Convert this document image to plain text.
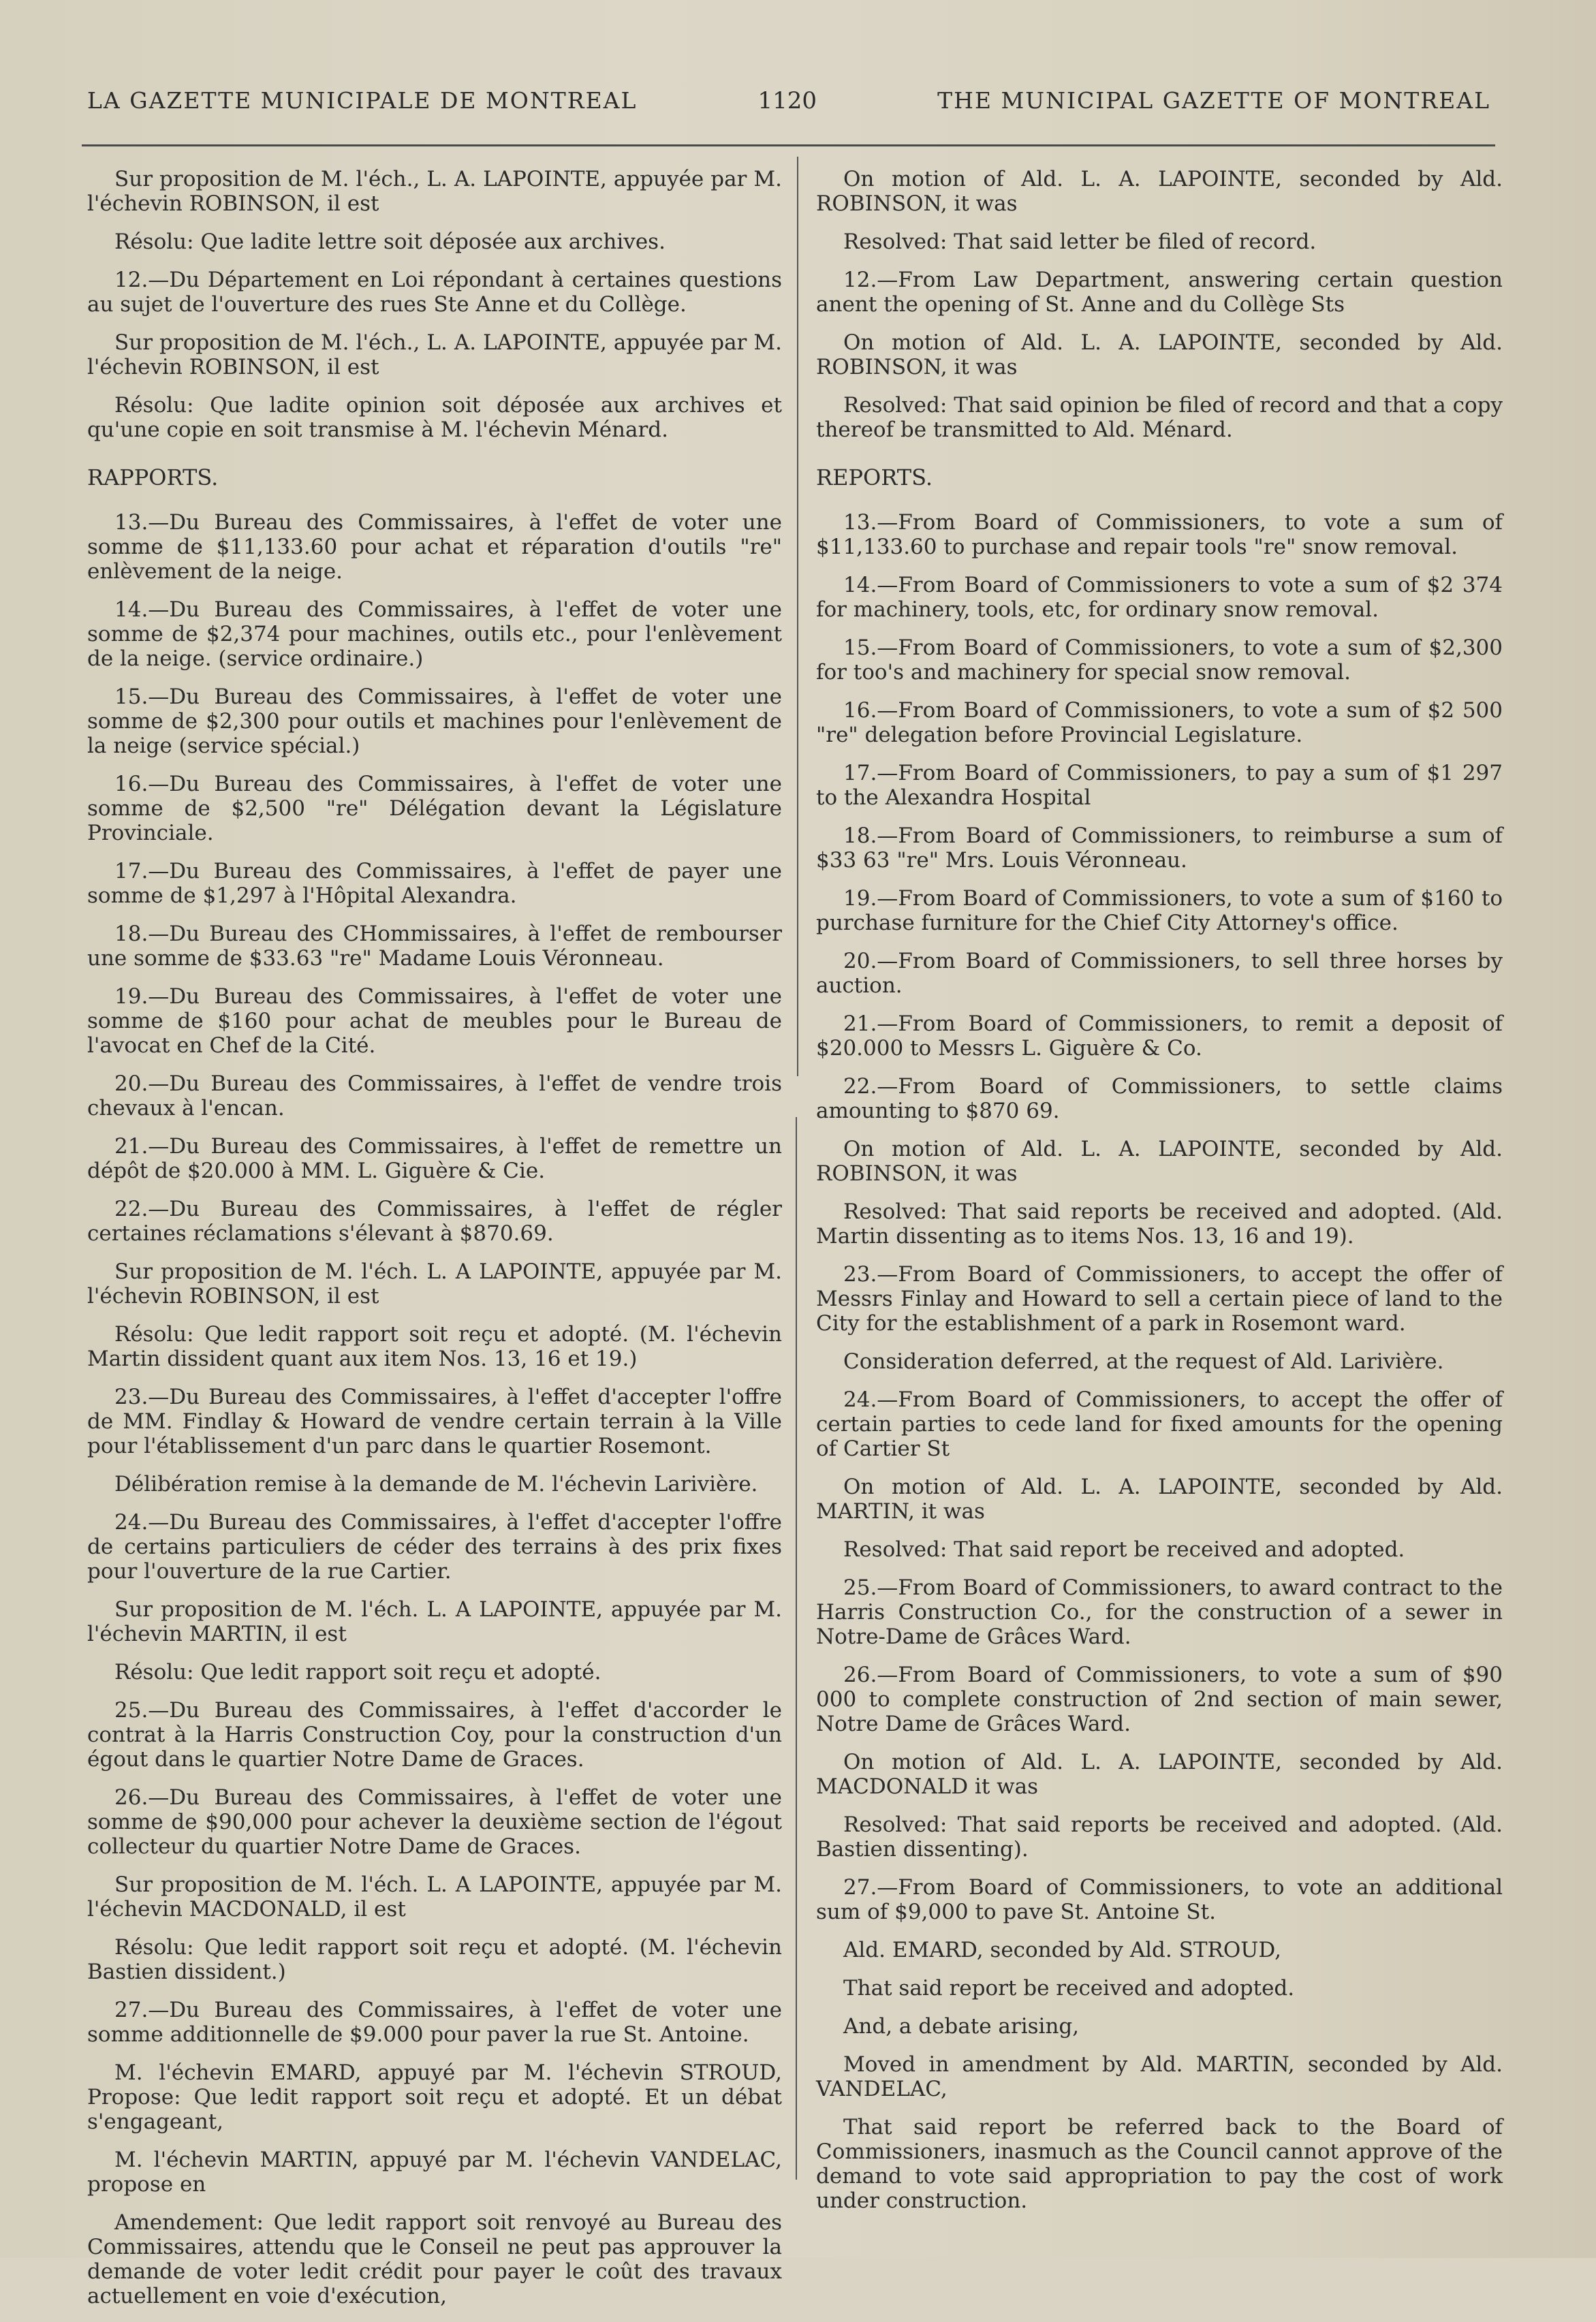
LA GAZETTE MUNICIPALE DE MONTREAL	1120	THE MUNICIPAL GAZETTE OF MONTREAL

Sur proposition de M. l'éch., L. A. LAPOINTE, appuyée par M. l'échevin ROBINSON, il est

Résolu: Que ladite lettre soit déposée aux archives.

12.—Du Département en Loi répondant à certaines questions au sujet de l'ouverture des rues Ste Anne et du Collège.

Sur proposition de M. l'éch., L. A. LAPOINTE, appuyée par M. l'échevin ROBINSON, il est

Résolu: Que ladite opinion soit déposée aux archives et qu'une copie en soit transmise à M. l'échevin Ménard.

RAPPORTS.

13.—Du Bureau des Commissaires, à l'effet de voter une somme de $11,133.60 pour achat et réparation d'outils "re" enlèvement de la neige.

14.—Du Bureau des Commissaires, à l'effet de voter une somme de $2,374 pour machines, outils etc., pour l'enlèvement de la neige. (service ordinaire.)

15.—Du Bureau des Commissaires, à l'effet de voter une somme de $2,300 pour outils et machines pour l'enlèvement de la neige (service spécial.)

16.—Du Bureau des Commissaires, à l'effet de voter une somme de $2,500 "re" Délégation devant la Législature Provinciale.

17.—Du Bureau des Commissaires, à l'effet de payer une somme de $1,297 à l'Hôpital Alexandra.

18.—Du Bureau des CHommissaires, à l'effet de rembourser une somme de $33.63 "re" Madame Louis Véronneau.

19.—Du Bureau des Commissaires, à l'effet de voter une somme de $160 pour achat de meubles pour le Bureau de l'avocat en Chef de la Cité.

20.—Du Bureau des Commissaires, à l'effet de vendre trois chevaux à l'encan.

21.—Du Bureau des Commissaires, à l'effet de remettre un dépôt de $20.000 à MM. L. Giguère & Cie.

22.—Du Bureau des Commissaires, à l'effet de régler certaines réclamations s'élevant à $870.69.

Sur proposition de M. l'éch. L. A LAPOINTE, appuyée par M. l'échevin ROBINSON, il est

Résolu: Que ledit rapport soit reçu et adopté. (M. l'échevin Martin dissident quant aux item Nos. 13, 16 et 19.)

23.—Du Bureau des Commissaires, à l'effet d'accepter l'offre de MM. Findlay & Howard de vendre certain terrain à la Ville pour l'établissement d'un parc dans le quartier Rosemont.

Délibération remise à la demande de M. l'échevin Larivière.

24.—Du Bureau des Commissaires, à l'effet d'accepter l'offre de certains particuliers de céder des terrains à des prix fixes pour l'ouverture de la rue Cartier.

Sur proposition de M. l'éch. L. A LAPOINTE, appuyée par M. l'échevin MARTIN, il est

Résolu: Que ledit rapport soit reçu et adopté.

25.—Du Bureau des Commissaires, à l'effet d'accorder le contrat à la Harris Construction Coy, pour la construction d'un égout dans le quartier Notre Dame de Graces.

26.—Du Bureau des Commissaires, à l'effet de voter une somme de $90,000 pour achever la deuxième section de l'égout collecteur du quartier Notre Dame de Graces.

Sur proposition de M. l'éch. L. A LAPOINTE, appuyée par M. l'échevin MACDONALD, il est

Résolu: Que ledit rapport soit reçu et adopté. (M. l'échevin Bastien dissident.)

27.—Du Bureau des Commissaires, à l'effet de voter une somme additionnelle de $9.000 pour paver la rue St. Antoine.

M. l'échevin EMARD, appuyé par M. l'échevin STROUD, Propose: Que ledit rapport soit reçu et adopté. Et un débat s'engageant,

M. l'échevin MARTIN, appuyé par M. l'échevin VANDELAC, propose en

Amendement: Que ledit rapport soit renvoyé au Bureau des Commissaires, attendu que le Conseil ne peut pas approuver la demande de voter ledit crédit pour payer le coût des travaux actuellement en voie d'exécution,

On motion of Ald. L. A. LAPOINTE, seconded by Ald. ROBINSON, it was

Resolved: That said letter be filed of record.

12.—From Law Department, answering certain question anent the opening of St. Anne and du Collège Sts

On motion of Ald. L. A. LAPOINTE, seconded by Ald. ROBINSON, it was

Resolved: That said opinion be filed of record and that a copy thereof be transmitted to Ald. Ménard.

REPORTS.

13.—From Board of Commissioners, to vote a sum of $11,133.60 to purchase and repair tools "re" snow removal.

14.—From Board of Commissioners to vote a sum of $2 374 for machinery, tools, etc, for ordinary snow removal.

15.—From Board of Commissioners, to vote a sum of $2,300 for too's and machinery for special snow removal.

16.—From Board of Commissioners, to vote a sum of $2 500 "re" delegation before Provincial Legislature.

17.—From Board of Commissioners, to pay a sum of $1 297 to the Alexandra Hospital

18.—From Board of Commissioners, to reimburse a sum of $33 63 "re" Mrs. Louis Véronneau.

19.—From Board of Commissioners, to vote a sum of $160 to purchase furniture for the Chief City Attorney's office.

20.—From Board of Commissioners, to sell three horses by auction.

21.—From Board of Commissioners, to remit a deposit of $20.000 to Messrs L. Giguère & Co.

22.—From Board of Commissioners, to settle claims amounting to $870 69.

On motion of Ald. L. A. LAPOINTE, seconded by Ald. ROBINSON, it was

Resolved: That said reports be received and adopted. (Ald. Martin dissenting as to items Nos. 13, 16 and 19).

23.—From Board of Commissioners, to accept the offer of Messrs Finlay and Howard to sell a certain piece of land to the City for the establishment of a park in Rosemont ward.

Consideration deferred, at the request of Ald. Larivière.

24.—From Board of Commissioners, to accept the offer of certain parties to cede land for fixed amounts for the opening of Cartier St

On motion of Ald. L. A. LAPOINTE, seconded by Ald. MARTIN, it was

Resolved: That said report be received and adopted.

25.—From Board of Commissioners, to award contract to the Harris Construction Co., for the construction of a sewer in Notre-Dame de Grâces Ward.

26.—From Board of Commissioners, to vote a sum of $90 000 to complete construction of 2nd section of main sewer, Notre Dame de Grâces Ward.

On motion of Ald. L. A. LAPOINTE, seconded by Ald. MACDONALD it was

Resolved: That said reports be received and adopted. (Ald. Bastien dissenting).

27.—From Board of Commissioners, to vote an additional sum of $9,000 to pave St. Antoine St.

Ald. EMARD, seconded by Ald. STROUD,

That said report be received and adopted.

And, a debate arising,

Moved in amendment by Ald. MARTIN, seconded by Ald. VANDELAC,

That said report be referred back to the Board of Commissioners, inasmuch as the Council cannot approve of the demand to vote said appropriation to pay the cost of work under construction.
